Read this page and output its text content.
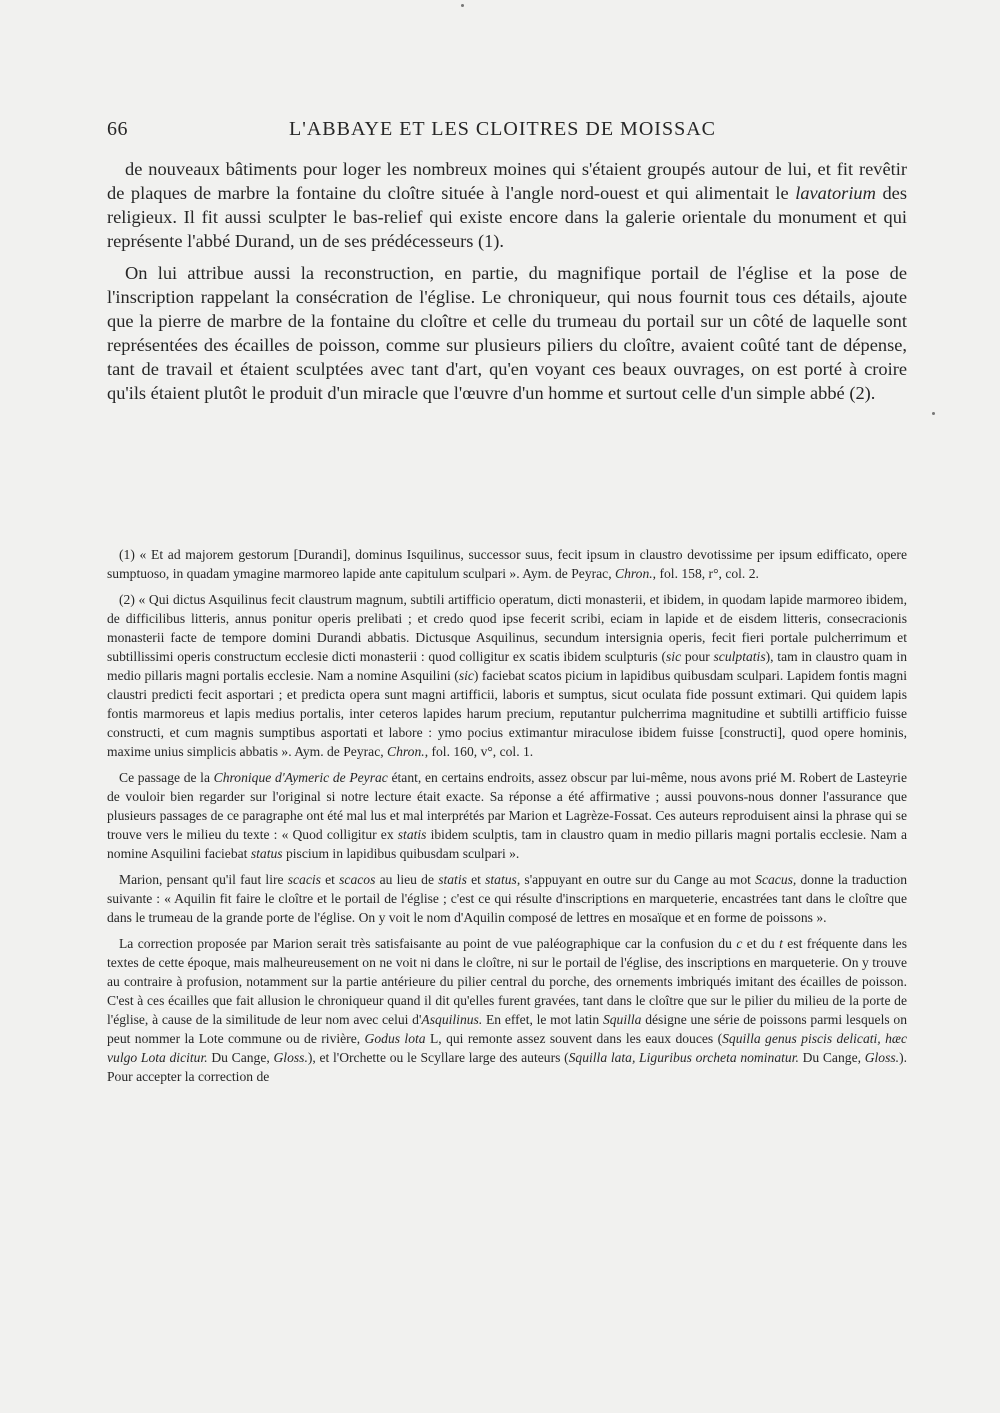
66	L'ABBAYE ET LES CLOITRES DE MOISSAC

de nouveaux bâtiments pour loger les nombreux moines qui s'étaient groupés autour de lui, et fit revêtir de plaques de marbre la fontaine du cloître située à l'angle nord-ouest et qui alimentait le lavatorium des religieux. Il fit aussi sculpter le bas-relief qui existe encore dans la galerie orientale du monument et qui représente l'abbé Durand, un de ses prédécesseurs (1).

On lui attribue aussi la reconstruction, en partie, du magnifique portail de l'église et la pose de l'inscription rappelant la consécration de l'église. Le chroniqueur, qui nous fournit tous ces détails, ajoute que la pierre de marbre de la fontaine du cloître et celle du trumeau du portail sur un côté de laquelle sont représentées des écailles de poisson, comme sur plusieurs piliers du cloître, avaient coûté tant de dépense, tant de travail et étaient sculptées avec tant d'art, qu'en voyant ces beaux ouvrages, on est porté à croire qu'ils étaient plutôt le produit d'un miracle que l'œuvre d'un homme et surtout celle d'un simple abbé (2).

(1) « Et ad majorem gestorum [Durandi], dominus Isquilinus, successor suus, fecit ipsum in claustro devotissime per ipsum edifficato, opere sumptuoso, in quadam ymagine marmoreo lapide ante capitulum sculpari ». Aym. de Peyrac, Chron., fol. 158, r°, col. 2.

(2) « Qui dictus Asquilinus fecit claustrum magnum, subtili artifficio operatum, dicti monasterii, et ibidem, in quodam lapide marmoreo ibidem, de difficilibus litteris, annus ponitur operis prelibati ; et credo quod ipse fecerit scribi, eciam in lapide et de eisdem litteris, consecracionis monasterii facte de tempore domini Durandi abbatis. Dictusque Asquilinus, secundum intersignia operis, fecit fieri portale pulcherrimum et subtillissimi operis constructum ecclesie dicti monasterii : quod colligitur ex scatis ibidem sculpturis (sic pour sculptatis), tam in claustro quam in medio pillaris magni portalis ecclesie. Nam a nomine Asquilini (sic) faciebat scatos picium in lapidibus quibusdam sculpari. Lapidem fontis magni claustri predicti fecit asportari ; et predicta opera sunt magni artifficii, laboris et sumptus, sicut oculata fide possunt extimari. Qui quidem lapis fontis marmoreus et lapis medius portalis, inter ceteros lapides harum precium, reputantur pulcherrima magnitudine et subtilli artifficio fuisse constructi, et cum magnis sumptibus asportati et labore : ymo pocius extimantur miraculose ibidem fuisse [constructi], quod opere hominis, maxime unius simplicis abbatis ». Aym. de Peyrac, Chron., fol. 160, v°, col. 1.

Ce passage de la Chronique d'Aymeric de Peyrac étant, en certains endroits, assez obscur par lui-même, nous avons prié M. Robert de Lasteyrie de vouloir bien regarder sur l'original si notre lecture était exacte. Sa réponse a été affirmative ; aussi pouvons-nous donner l'assurance que plusieurs passages de ce paragraphe ont été mal lus et mal interprétés par Marion et Lagrèze-Fossat. Ces auteurs reproduisent ainsi la phrase qui se trouve vers le milieu du texte : « Quod colligitur ex statis ibidem sculptis, tam in claustro quam in medio pillaris magni portalis ecclesie. Nam a nomine Asquilini faciebat status piscium in lapidibus quibusdam sculpari ».

Marion, pensant qu'il faut lire scacis et scacos au lieu de statis et status, s'appuyant en outre sur du Cange au mot Scacus, donne la traduction suivante : « Aquilin fit faire le cloître et le portail de l'église ; c'est ce qui résulte d'inscriptions en marqueterie, encastrées tant dans le cloître que dans le trumeau de la grande porte de l'église. On y voit le nom d'Aquilin composé de lettres en mosaïque et en forme de poissons ».

La correction proposée par Marion serait très satisfaisante au point de vue paléographique car la confusion du c et du t est fréquente dans les textes de cette époque, mais malheureusement on ne voit ni dans le cloître, ni sur le portail de l'église, des inscriptions en marqueterie. On y trouve au contraire à profusion, notamment sur la partie antérieure du pilier central du porche, des ornements imbriqués imitant des écailles de poisson. C'est à ces écailles que fait allusion le chroniqueur quand il dit qu'elles furent gravées, tant dans le cloître que sur le pilier du milieu de la porte de l'église, à cause de la similitude de leur nom avec celui d'Asquilinus. En effet, le mot latin Squilla désigne une série de poissons parmi lesquels on peut nommer la Lote commune ou de rivière, Godus lota L, qui remonte assez souvent dans les eaux douces (Squilla genus piscis delicati, hæc vulgo Lota dicitur. Du Cange, Gloss.), et l'Orchette ou le Scyllare large des auteurs (Squilla lata, Liguribus orcheta nominatur. Du Cange, Gloss.). Pour accepter la correction de
